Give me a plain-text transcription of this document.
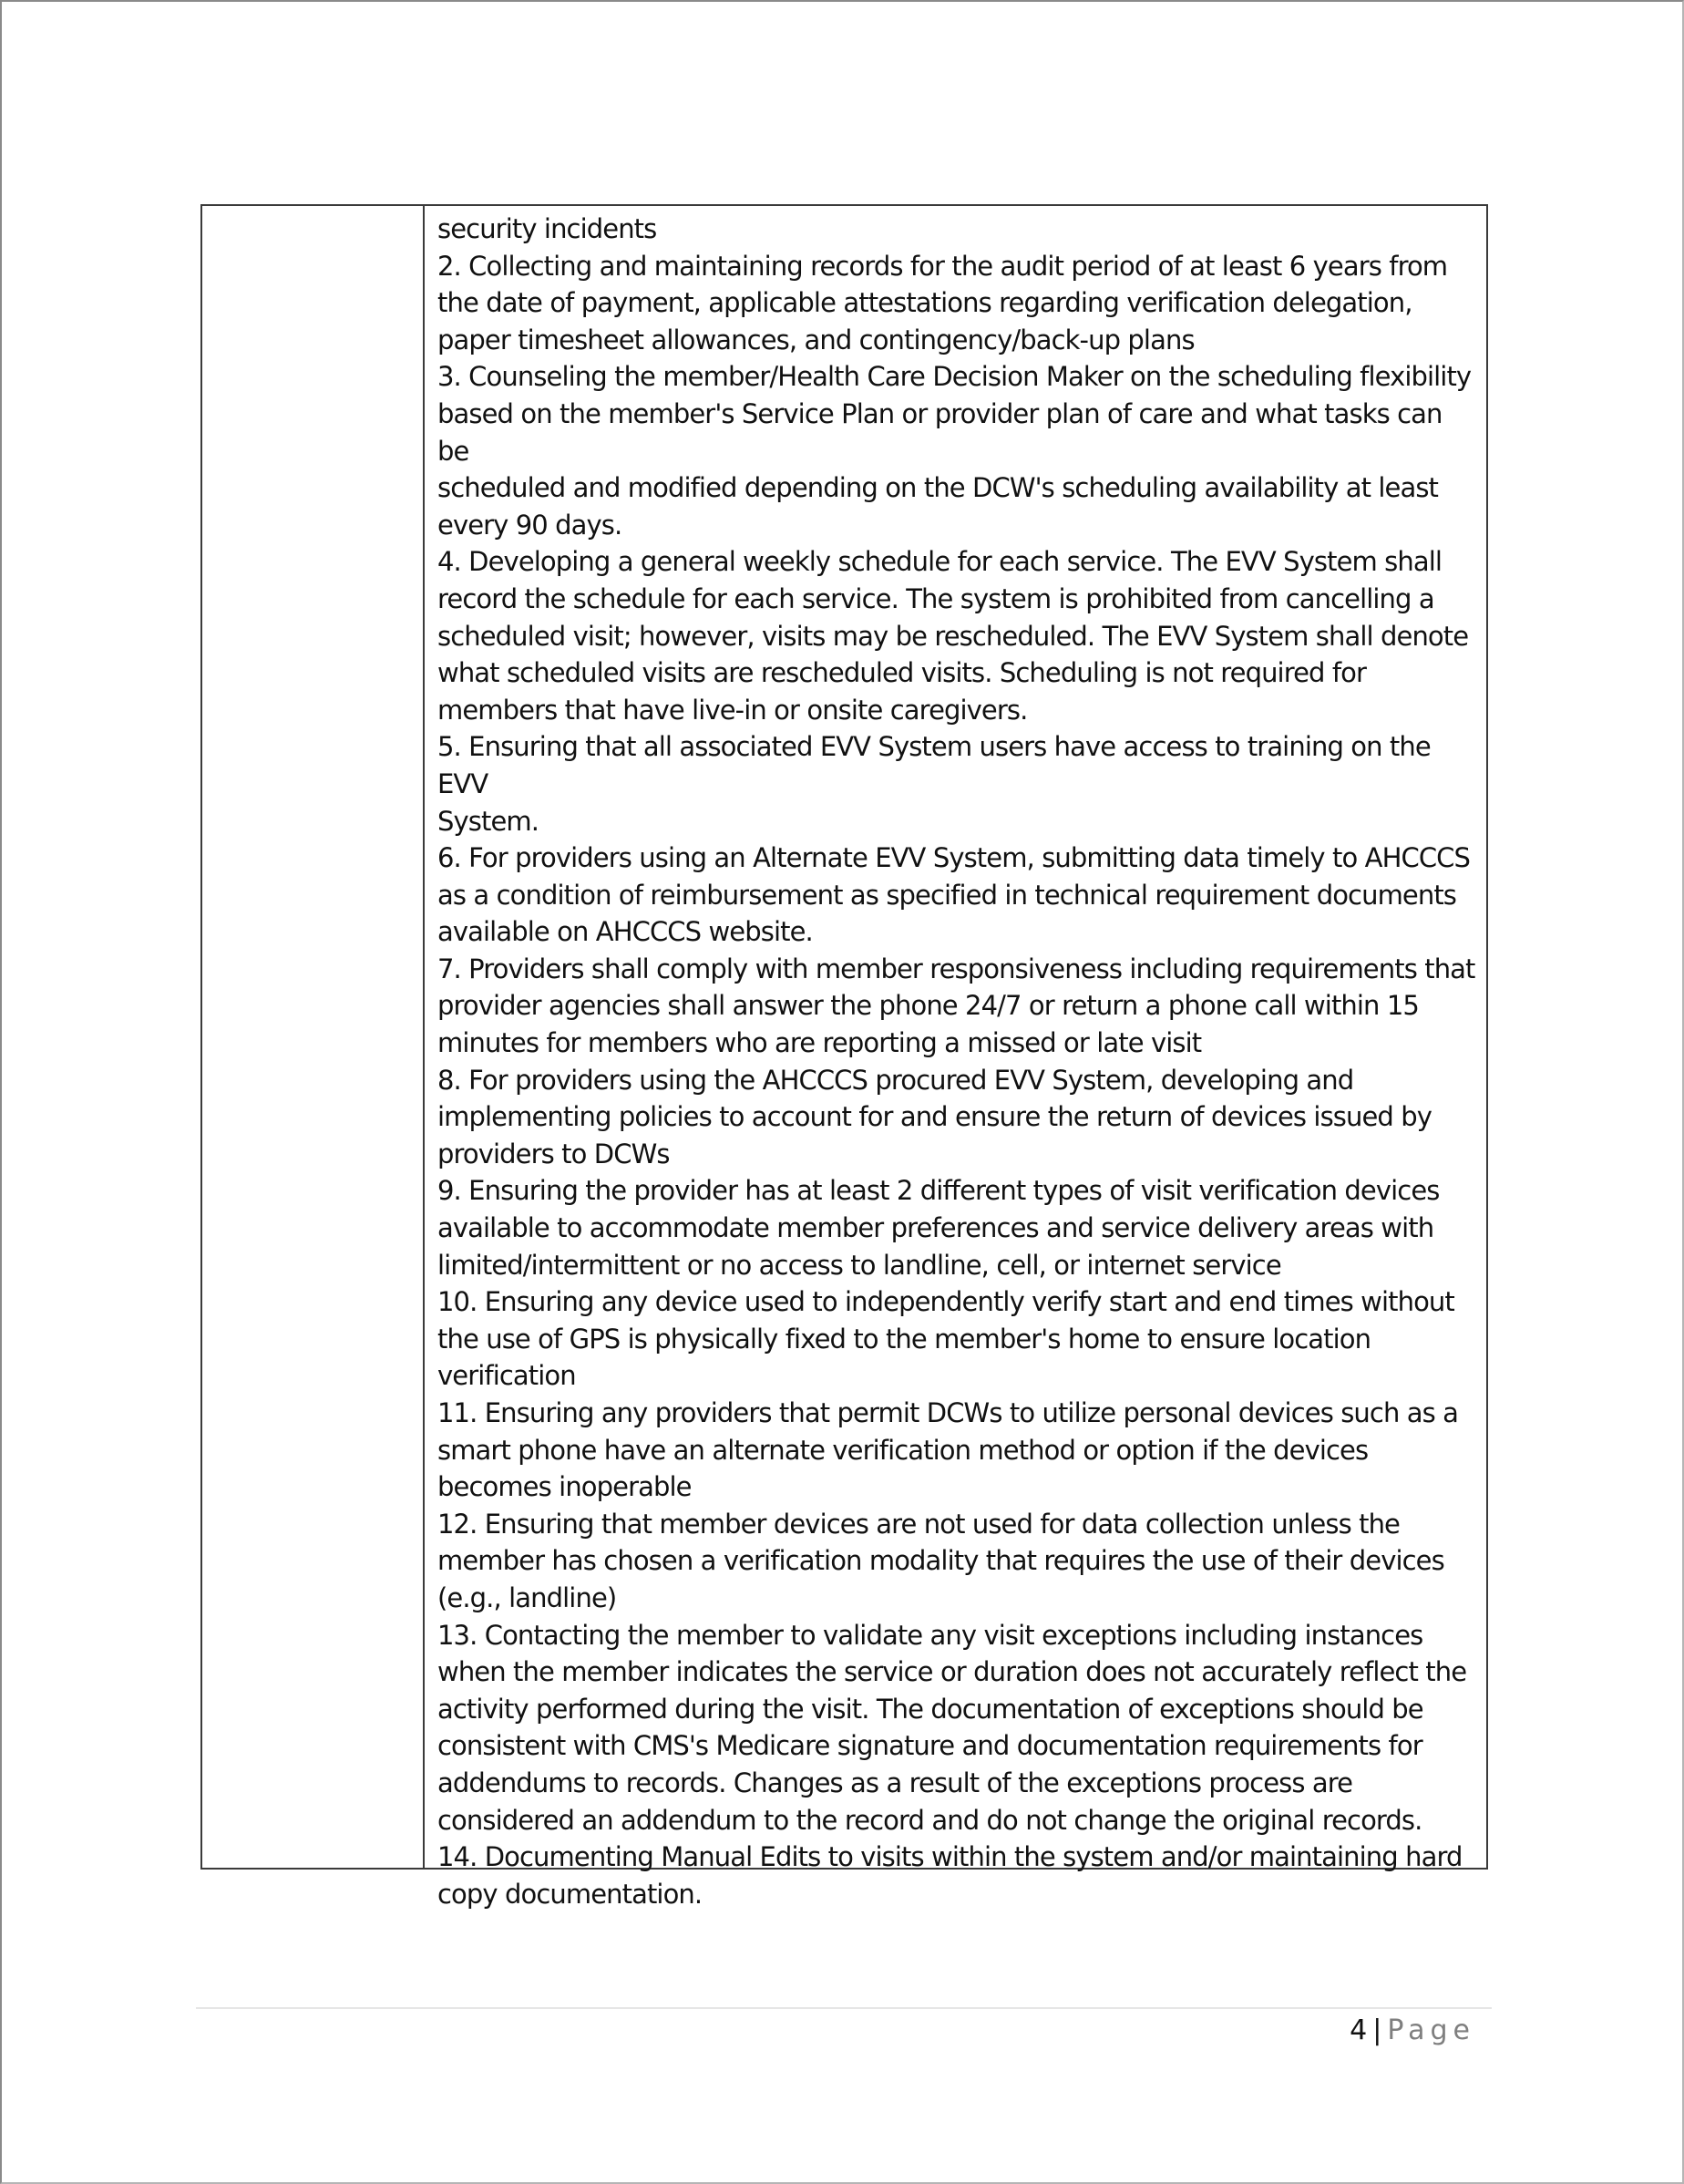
security incidents

2. Collecting and maintaining records for the audit period of at least 6 years from

the date of payment, applicable attestations regarding verification delegation,

paper timesheet allowances, and contingency/back-up plans

3. Counseling the member/Health Care Decision Maker on the scheduling flexibility

based on the member's Service Plan or provider plan of care and what tasks can be

scheduled and modified depending on the DCW's scheduling availability at least

every 90 days.

4. Developing a general weekly schedule for each service. The EVV System shall

record the schedule for each service. The system is prohibited from cancelling a

scheduled visit; however, visits may be rescheduled. The EVV System shall denote

what scheduled visits are rescheduled visits. Scheduling is not required for

members that have live-in or onsite caregivers.

5. Ensuring that all associated EVV System users have access to training on the EVV

System.

6. For providers using an Alternate EVV System, submitting data timely to AHCCCS

as a condition of reimbursement as specified in technical requirement documents

available on AHCCCS website.

7. Providers shall comply with member responsiveness including requirements that

provider agencies shall answer the phone 24/7 or return a phone call within 15

minutes for members who are reporting a missed or late visit

8. For providers using the AHCCCS procured EVV System, developing and

implementing policies to account for and ensure the return of devices issued by

providers to DCWs

9. Ensuring the provider has at least 2 different types of visit verification devices

available to accommodate member preferences and service delivery areas with

limited/intermittent or no access to landline, cell, or internet service

10. Ensuring any device used to independently verify start and end times without

the use of GPS is physically fixed to the member's home to ensure location

verification

11. Ensuring any providers that permit DCWs to utilize personal devices such as a

smart phone have an alternate verification method or option if the devices

becomes inoperable

12. Ensuring that member devices are not used for data collection unless the

member has chosen a verification modality that requires the use of their devices

(e.g., landline)

13. Contacting the member to validate any visit exceptions including instances

when the member indicates the service or duration does not accurately reflect the

activity performed during the visit. The documentation of exceptions should be

consistent with CMS's Medicare signature and documentation requirements for

addendums to records. Changes as a result of the exceptions process are

considered an addendum to the record and do not change the original records.

14. Documenting Manual Edits to visits within the system and/or maintaining hard

copy documentation.

4 | Page
